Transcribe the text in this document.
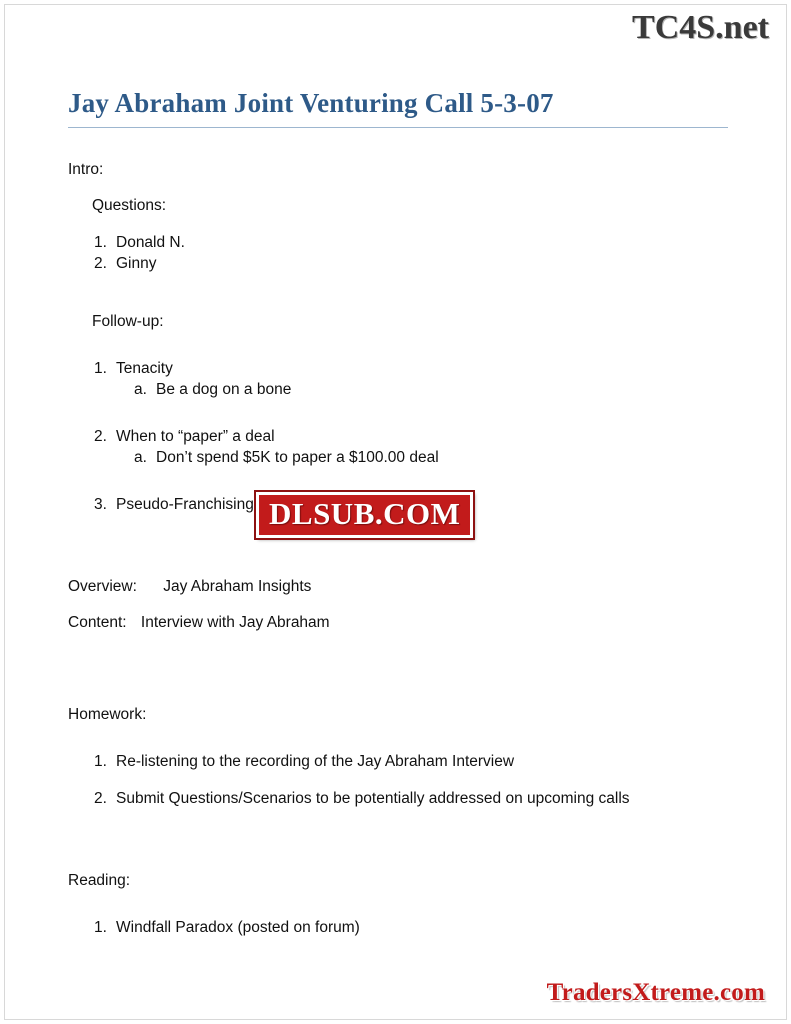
TC4S.net
Jay Abraham Joint Venturing Call 5-3-07

Intro:

Questions:

1. Donald N.
2. Ginny

Follow-up:

1. Tenacity
a. Be a dog on a bone
2. When to “paper” a deal
a. Don’t spend $5K to paper a $100.00 deal
3. Pseudo-Franchising

Overview: Jay Abraham Insights

Content: Interview with Jay Abraham

Homework:

1. Re-listening to the recording of the Jay Abraham Interview
2. Submit Questions/Scenarios to be potentially addressed on upcoming calls

Reading:

1. Windfall Paradox (posted on forum)
DLSUB.COM
TradersXtreme.com
